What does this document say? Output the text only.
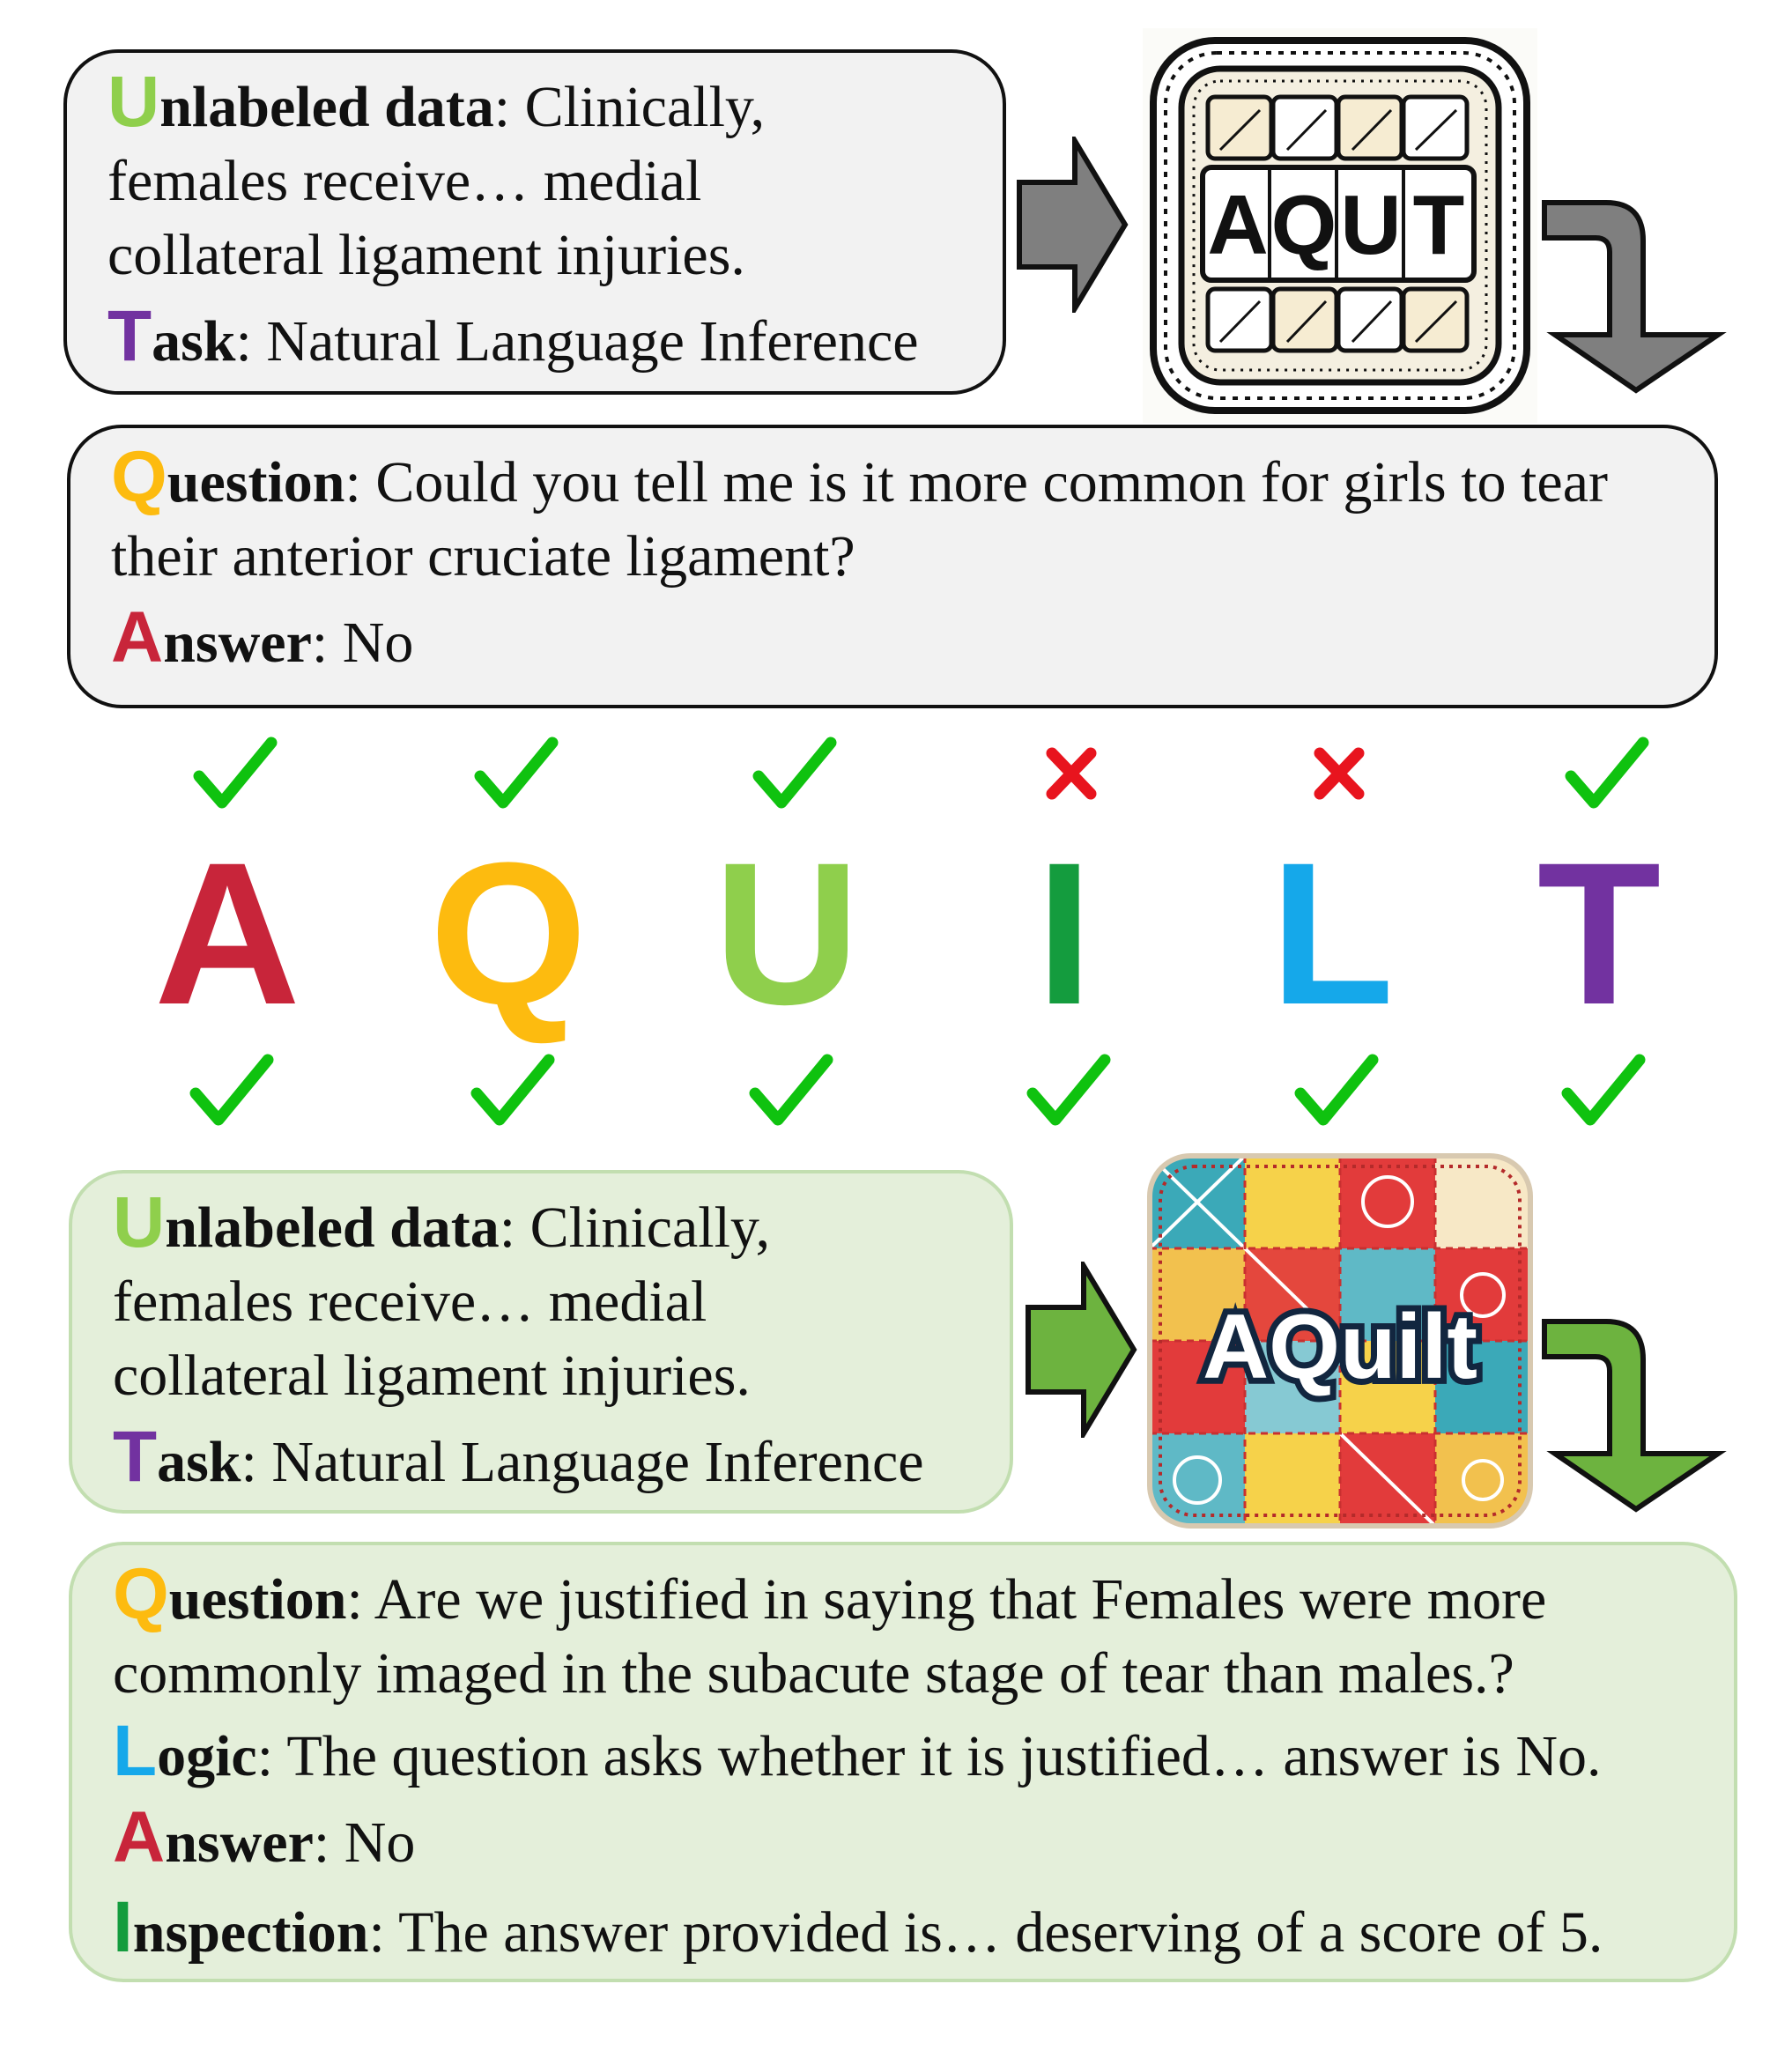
Unlabeled data: Clinically,
females receive… medial
collateral ligament injuries.
Task: Natural Language Inference
A Q U T
Question: Could you tell me is it more common for girls to tear
their anterior cruciate ligament?
Answer: No
A Q U I L T
Unlabeled data: Clinically,
females receive… medial
collateral ligament injuries.
Task: Natural Language Inference
AQuilt
Question: Are we justified in saying that Females were more
commonly imaged in the subacute stage of tear than males.?
Logic: The question asks whether it is justified… answer is No.
Answer: No
Inspection: The answer provided is… deserving of a score of 5.
